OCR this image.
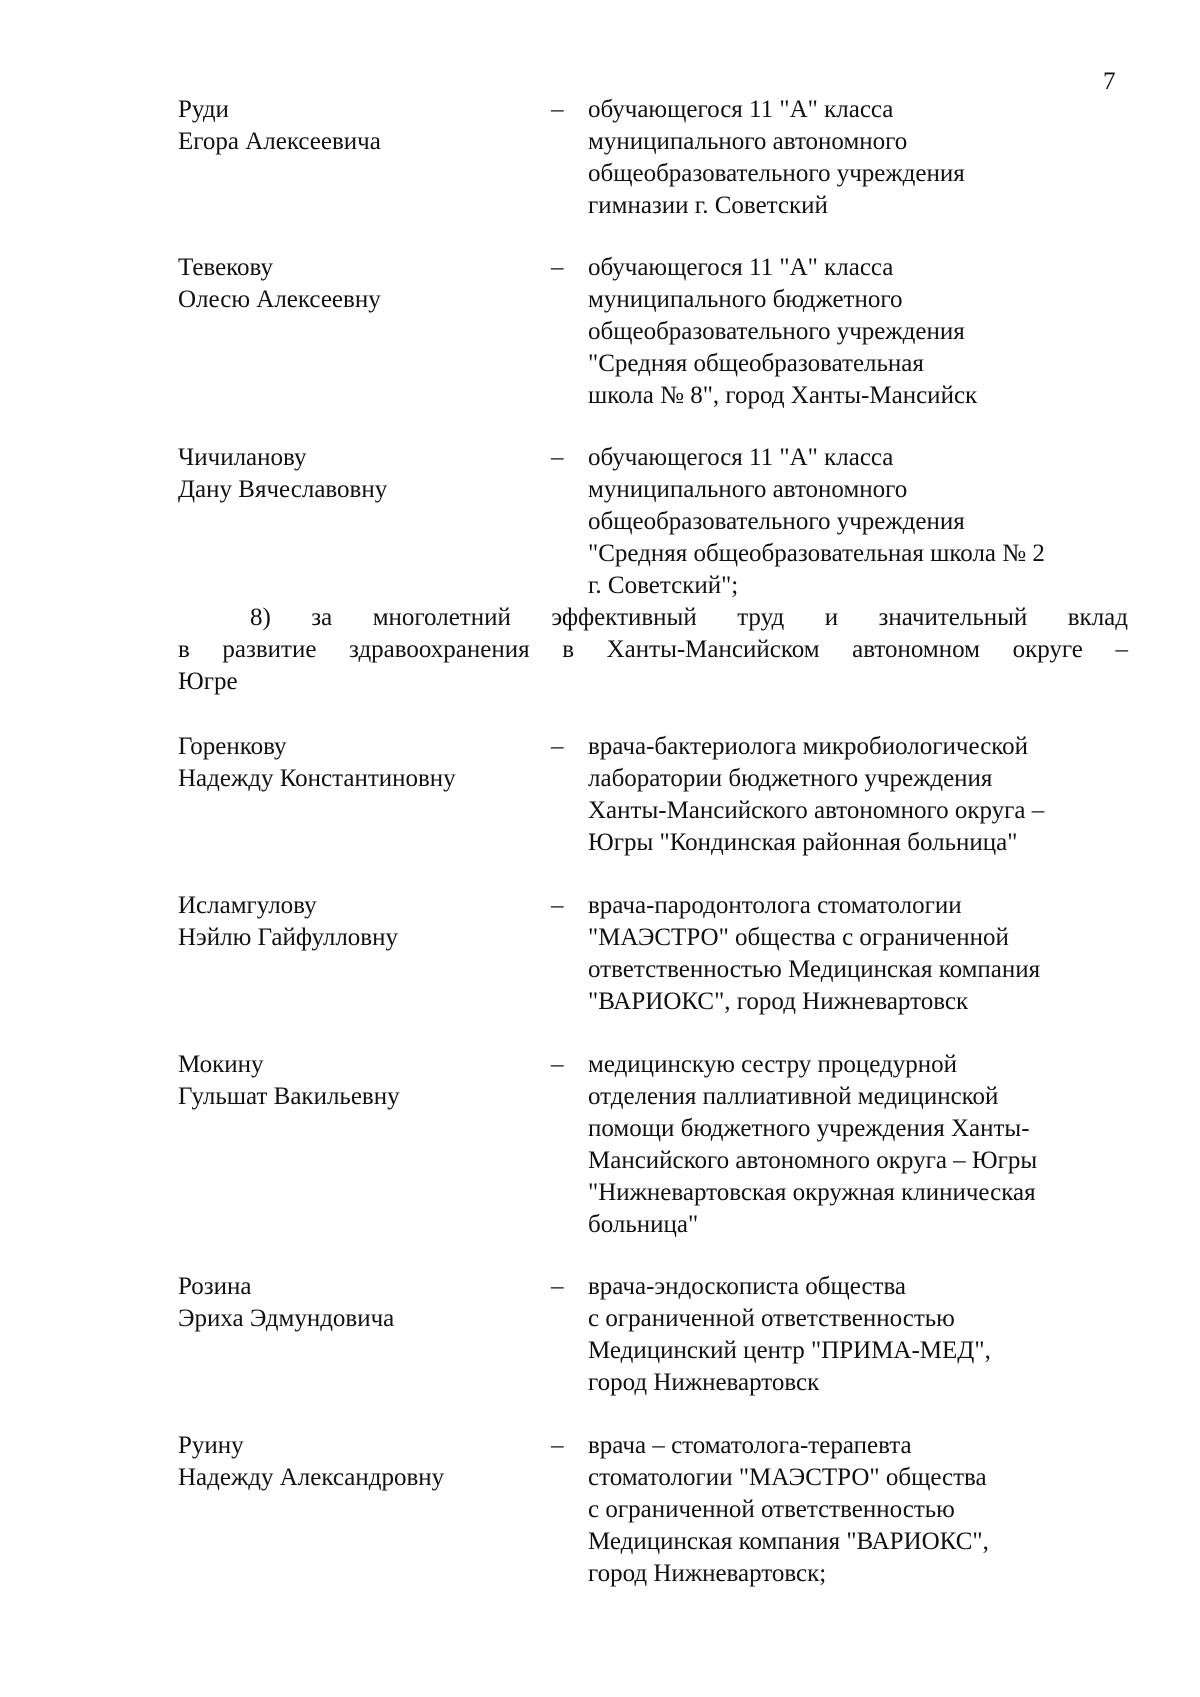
7
Руди
Егора Алексеевича
– обучающегося 11 "А" класса
муниципального автономного
общеобразовательного учреждения
гимназии г. Советский
Тевекову
Олесю Алексеевну
– обучающегося 11 "А" класса
муниципального бюджетного
общеобразовательного учреждения
"Средняя общеобразовательная
школа № 8", город Ханты-Мансийск
Чичиланову
Дану Вячеславовну
– обучающегося 11 "А" класса
муниципального автономного
общеобразовательного учреждения
"Средняя общеобразовательная школа № 2
г. Советский";
8) за многолетний эффективный труд и значительный вклад
в развитие здравоохранения в Ханты-Мансийском автономном округе –
Югре
Горенкову
Надежду Константиновну
– врача-бактериолога микробиологической
лаборатории бюджетного учреждения
Ханты-Мансийского автономного округа –
Югры "Кондинская районная больница"
Исламгулову
Нэйлю Гайфулловну
– врача-пародонтолога стоматологии
"МАЭСТРО" общества с ограниченной
ответственностью Медицинская компания
"ВАРИОКС", город Нижневартовск
Мокину
Гульшат Вакильевну
– медицинскую сестру процедурной
отделения паллиативной медицинской
помощи бюджетного учреждения Ханты-
Мансийского автономного округа – Югры
"Нижневартовская окружная клиническая
больница"
Розина
Эриха Эдмундовича
– врача-эндоскописта общества
с ограниченной ответственностью
Медицинский центр "ПРИМА-МЕД",
город Нижневартовск
Руину
Надежду Александровну
– врача – стоматолога-терапевта
стоматологии "МАЭСТРО" общества
с ограниченной ответственностью
Медицинская компания "ВАРИОКС",
город Нижневартовск;
